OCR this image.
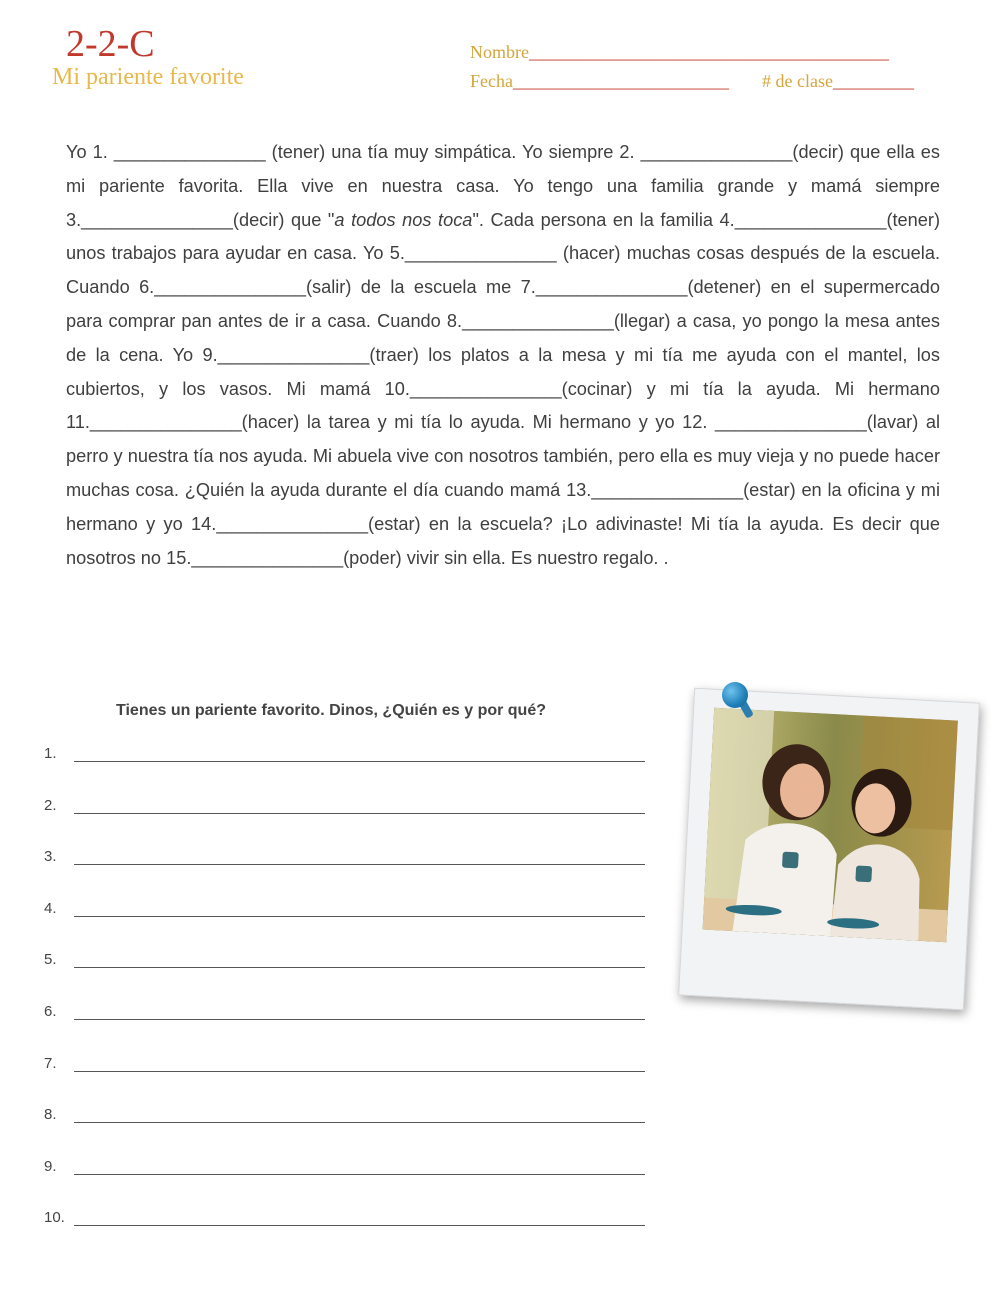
2-2-C
Mi pariente favorite
Nombre________________________________________
Fecha________________________ # de clase_________
Yo 1. _______________ (tener) una tía muy simpática. Yo siempre 2. _______________(decir) que ella es mi pariente favorita. Ella vive en nuestra casa. Yo tengo una familia grande y mamá siempre 3._______________(decir) que "a todos nos toca". Cada persona en la familia 4._______________(tener) unos trabajos para ayudar en casa. Yo 5._______________ (hacer) muchas cosas después de la escuela. Cuando 6._______________(salir) de la escuela me 7._______________(detener) en el supermercado para comprar pan antes de ir a casa. Cuando 8._______________(llegar) a casa, yo pongo la mesa antes de la cena. Yo 9._______________(traer) los platos a la mesa y mi tía me ayuda con el mantel, los cubiertos, y los vasos. Mi mamá 10._______________(cocinar) y mi tía la ayuda. Mi hermano 11._______________(hacer) la tarea y mi tía lo ayuda. Mi hermano y yo 12. _______________(lavar) al perro y nuestra tía nos ayuda. Mi abuela vive con nosotros también, pero ella es muy vieja y no puede hacer muchas cosa. ¿Quién la ayuda durante el día cuando mamá 13._______________(estar) en la oficina y mi hermano y yo 14._______________(estar) en la escuela? ¡Lo adivinaste! Mi tía la ayuda. Es decir que nosotros no 15._______________(poder) vivir sin ella. Es nuestro regalo. .
Tienes un pariente favorito. Dinos, ¿Quién es y por qué?
1.
2.
3.
4.
5.
6.
7.
8.
9.
10.
